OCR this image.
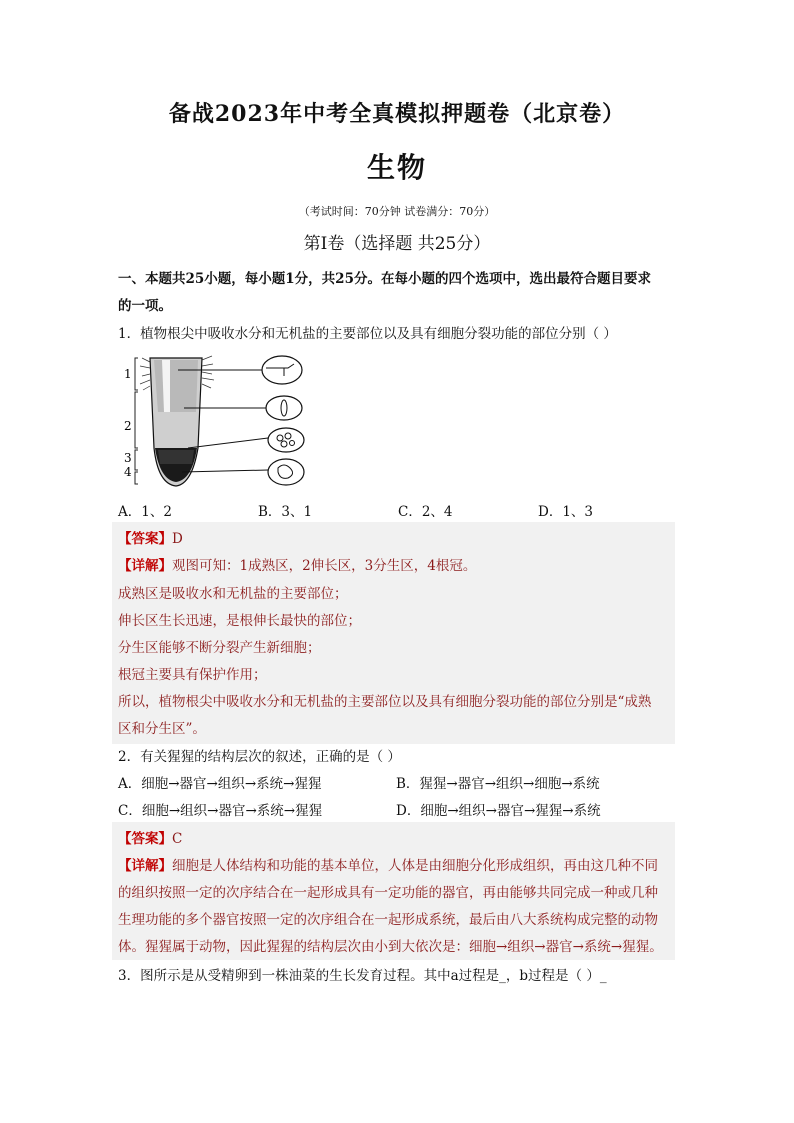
备战2023年中考全真模拟押题卷（北京卷）
生物
（考试时间：70分钟 试卷满分：70分）
第Ⅰ卷（选择题 共25分）
一、本题共25小题，每小题1分，共25分。在每小题的四个选项中，选出最符合题目要求
的一项。
1．植物根尖中吸收水分和无机盐的主要部位以及具有细胞分裂功能的部位分别（ ）
1
2
3
4
A．1、2	B．3、1	C．2、4	D．1、3
【答案】D
【详解】观图可知：1成熟区，2伸长区，3分生区，4根冠。
成熟区是吸收水和无机盐的主要部位；
伸长区生长迅速，是根伸长最快的部位；
分生区能够不断分裂产生新细胞；
根冠主要具有保护作用；
所以，植物根尖中吸收水分和无机盐的主要部位以及具有细胞分裂功能的部位分别是“成熟
区和分生区”。
2．有关猩猩的结构层次的叙述，正确的是（ ）
A．细胞→器官→组织→系统→猩猩	B．猩猩→器官→组织→细胞→系统
C．细胞→组织→器官→系统→猩猩	D．细胞→组织→器官→猩猩→系统
【答案】C
【详解】细胞是人体结构和功能的基本单位，人体是由细胞分化形成组织，再由这几种不同
的组织按照一定的次序结合在一起形成具有一定功能的器官，再由能够共同完成一种或几种
生理功能的多个器官按照一定的次序组合在一起形成系统，最后由八大系统构成完整的动物
体。猩猩属于动物，因此猩猩的结构层次由小到大依次是：细胞→组织→器官→系统→猩猩。
3．图所示是从受精卵到一株油菜的生长发育过程。其中a过程是_，b过程是（ ）_
